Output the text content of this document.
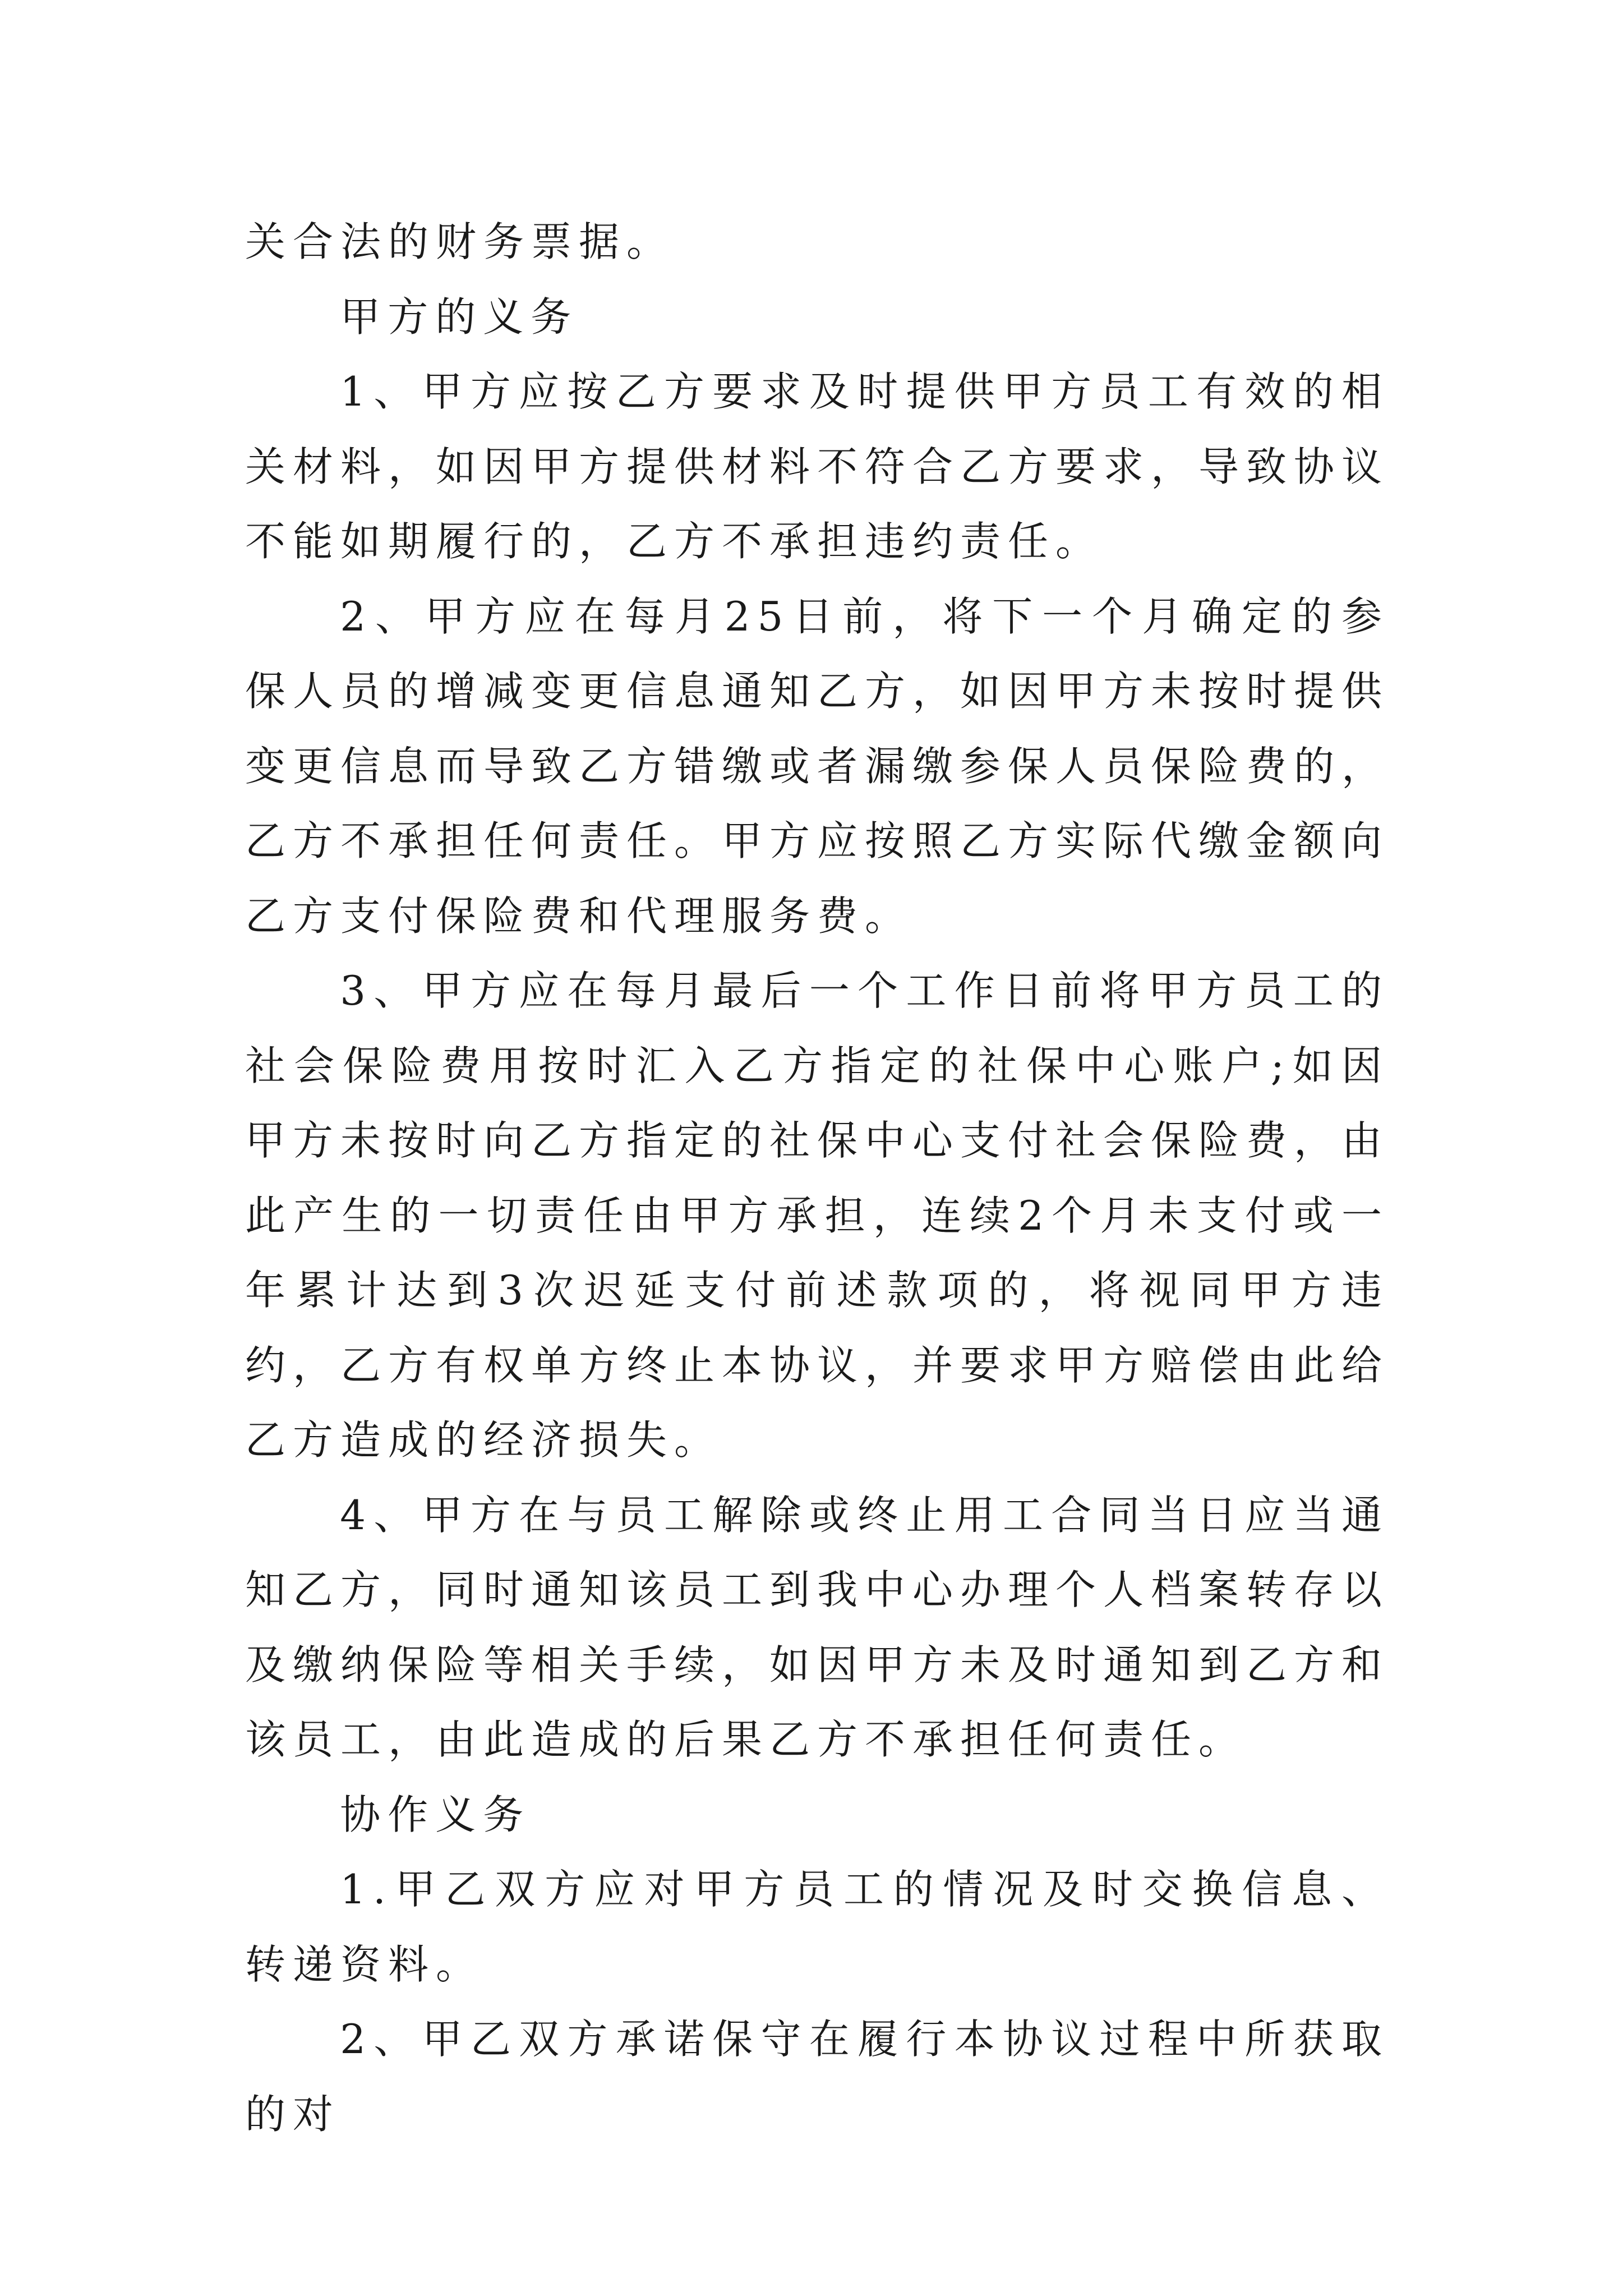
关合法的财务票据。

甲方的义务

1、甲方应按乙方要求及时提供甲方员工有效的相关材料，如因甲方提供材料不符合乙方要求，导致协议不能如期履行的，乙方不承担违约责任。

2、甲方应在每月25日前，将下一个月确定的参保人员的增减变更信息通知乙方，如因甲方未按时提供变更信息而导致乙方错缴或者漏缴参保人员保险费的，乙方不承担任何责任。甲方应按照乙方实际代缴金额向乙方支付保险费和代理服务费。

3、甲方应在每月最后一个工作日前将甲方员工的社会保险费用按时汇入乙方指定的社保中心账户;如因甲方未按时向乙方指定的社保中心支付社会保险费，由此产生的一切责任由甲方承担，连续2个月未支付或一年累计达到3次迟延支付前述款项的，将视同甲方违约，乙方有权单方终止本协议，并要求甲方赔偿由此给乙方造成的经济损失。

4、甲方在与员工解除或终止用工合同当日应当通知乙方，同时通知该员工到我中心办理个人档案转存以及缴纳保险等相关手续，如因甲方未及时通知到乙方和该员工，由此造成的后果乙方不承担任何责任。

协作义务

1.甲乙双方应对甲方员工的情况及时交换信息、转递资料。

2、甲乙双方承诺保守在履行本协议过程中所获取的对
